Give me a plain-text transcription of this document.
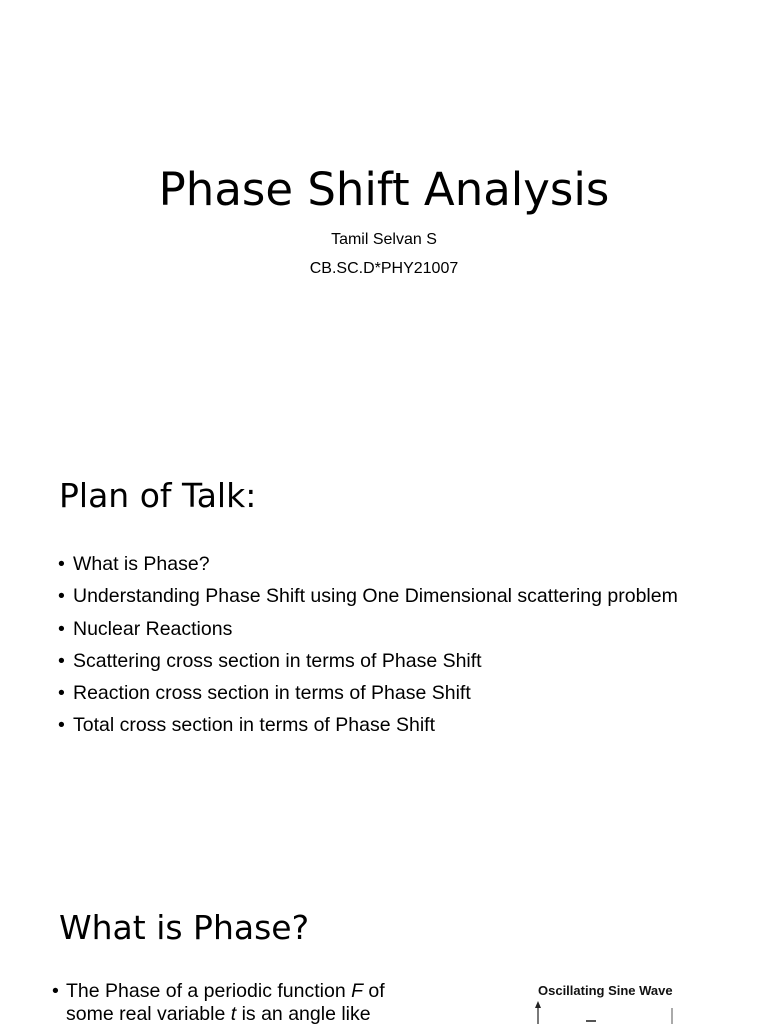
Phase Shift Analysis

Tamil Selvan S

CB.SC.D*PHY21007

Plan of Talk:
• What is Phase?
• Understanding Phase Shift using One Dimensional scattering problem
• Nuclear Reactions
• Scattering cross section in terms of Phase Shift
• Reaction cross section in terms of Phase Shift
• Total cross section in terms of Phase Shift
What is Phase?
• The Phase of a periodic function F of
some real variable t is an angle like
Oscillating Sine Wave
